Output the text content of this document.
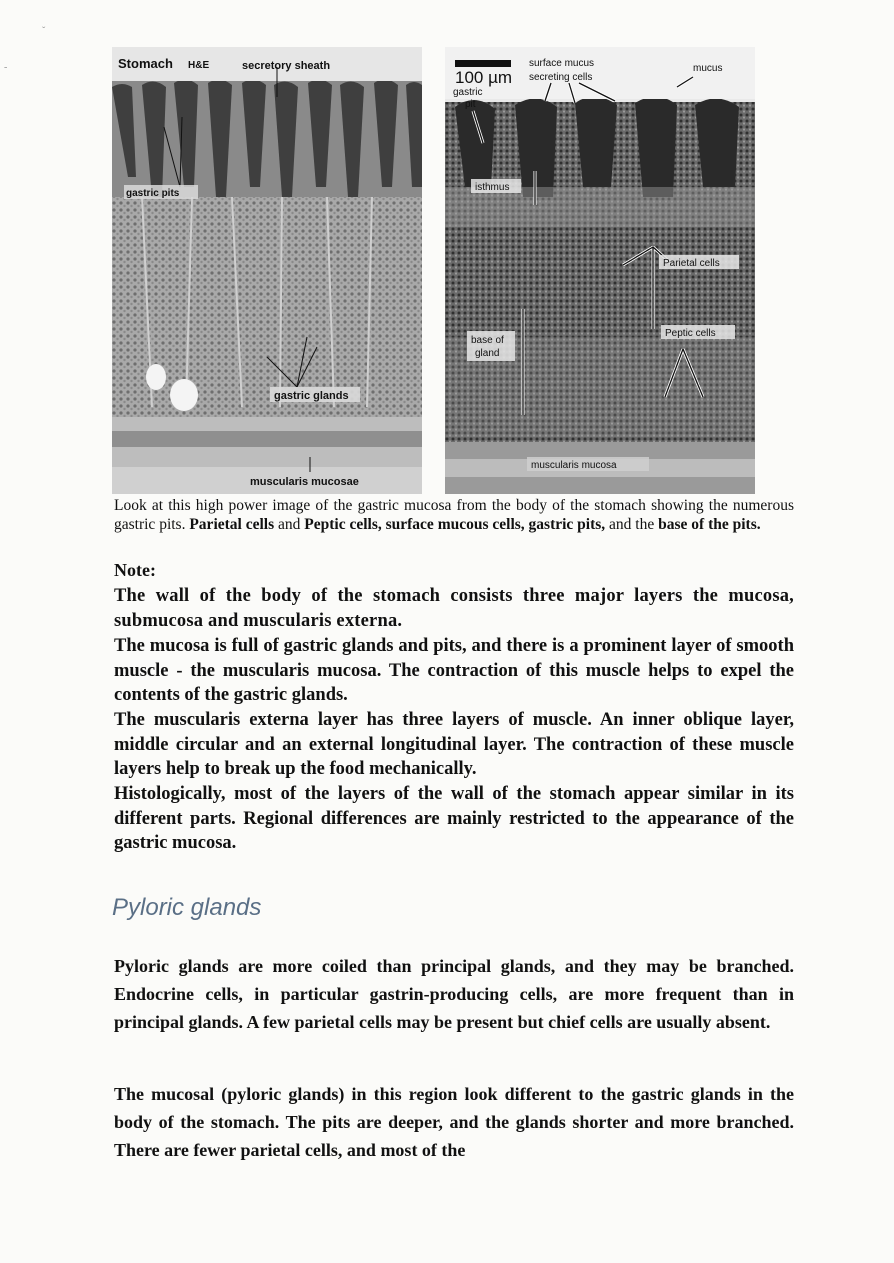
ˇ
-	Stomach H&E	secretory sheath
gastric pits
gastric glands
muscularis mucosae
100 µm
surface mucus
secreting cells
mucus
gastric
pit
isthmus
Parietal cells
base of
gland
Peptic cells
muscularis mucosa
Look at this high power image of the gastric mucosa from the body of the stomach showing the numerous gastric pits. Parietal cells and Peptic cells, surface mucous cells, gastric pits, and the base of the pits.
Note:
The wall of the body of the stomach consists three major layers the mucosa, submucosa and muscularis externa.
The mucosa is full of gastric glands and pits, and there is a prominent layer of smooth muscle - the muscularis mucosa. The contraction of this muscle helps to expel the contents of the gastric glands.
The muscularis externa layer has three layers of muscle. An inner oblique layer, middle circular and an external longitudinal layer. The contraction of these muscle layers help to break up the food mechanically.
Histologically, most of the layers of the wall of the stomach appear similar in its different parts. Regional differences are mainly restricted to the appearance of the gastric mucosa.
Pyloric glands
Pyloric glands are more coiled than principal glands, and they may be branched. Endocrine cells, in particular gastrin-producing cells, are more frequent than in principal glands. A few parietal cells may be present but chief cells are usually absent.
The mucosal (pyloric glands) in this region look different to the gastric glands in the body of the stomach. The pits are deeper, and the glands shorter and more branched. There are fewer parietal cells, and most of the
